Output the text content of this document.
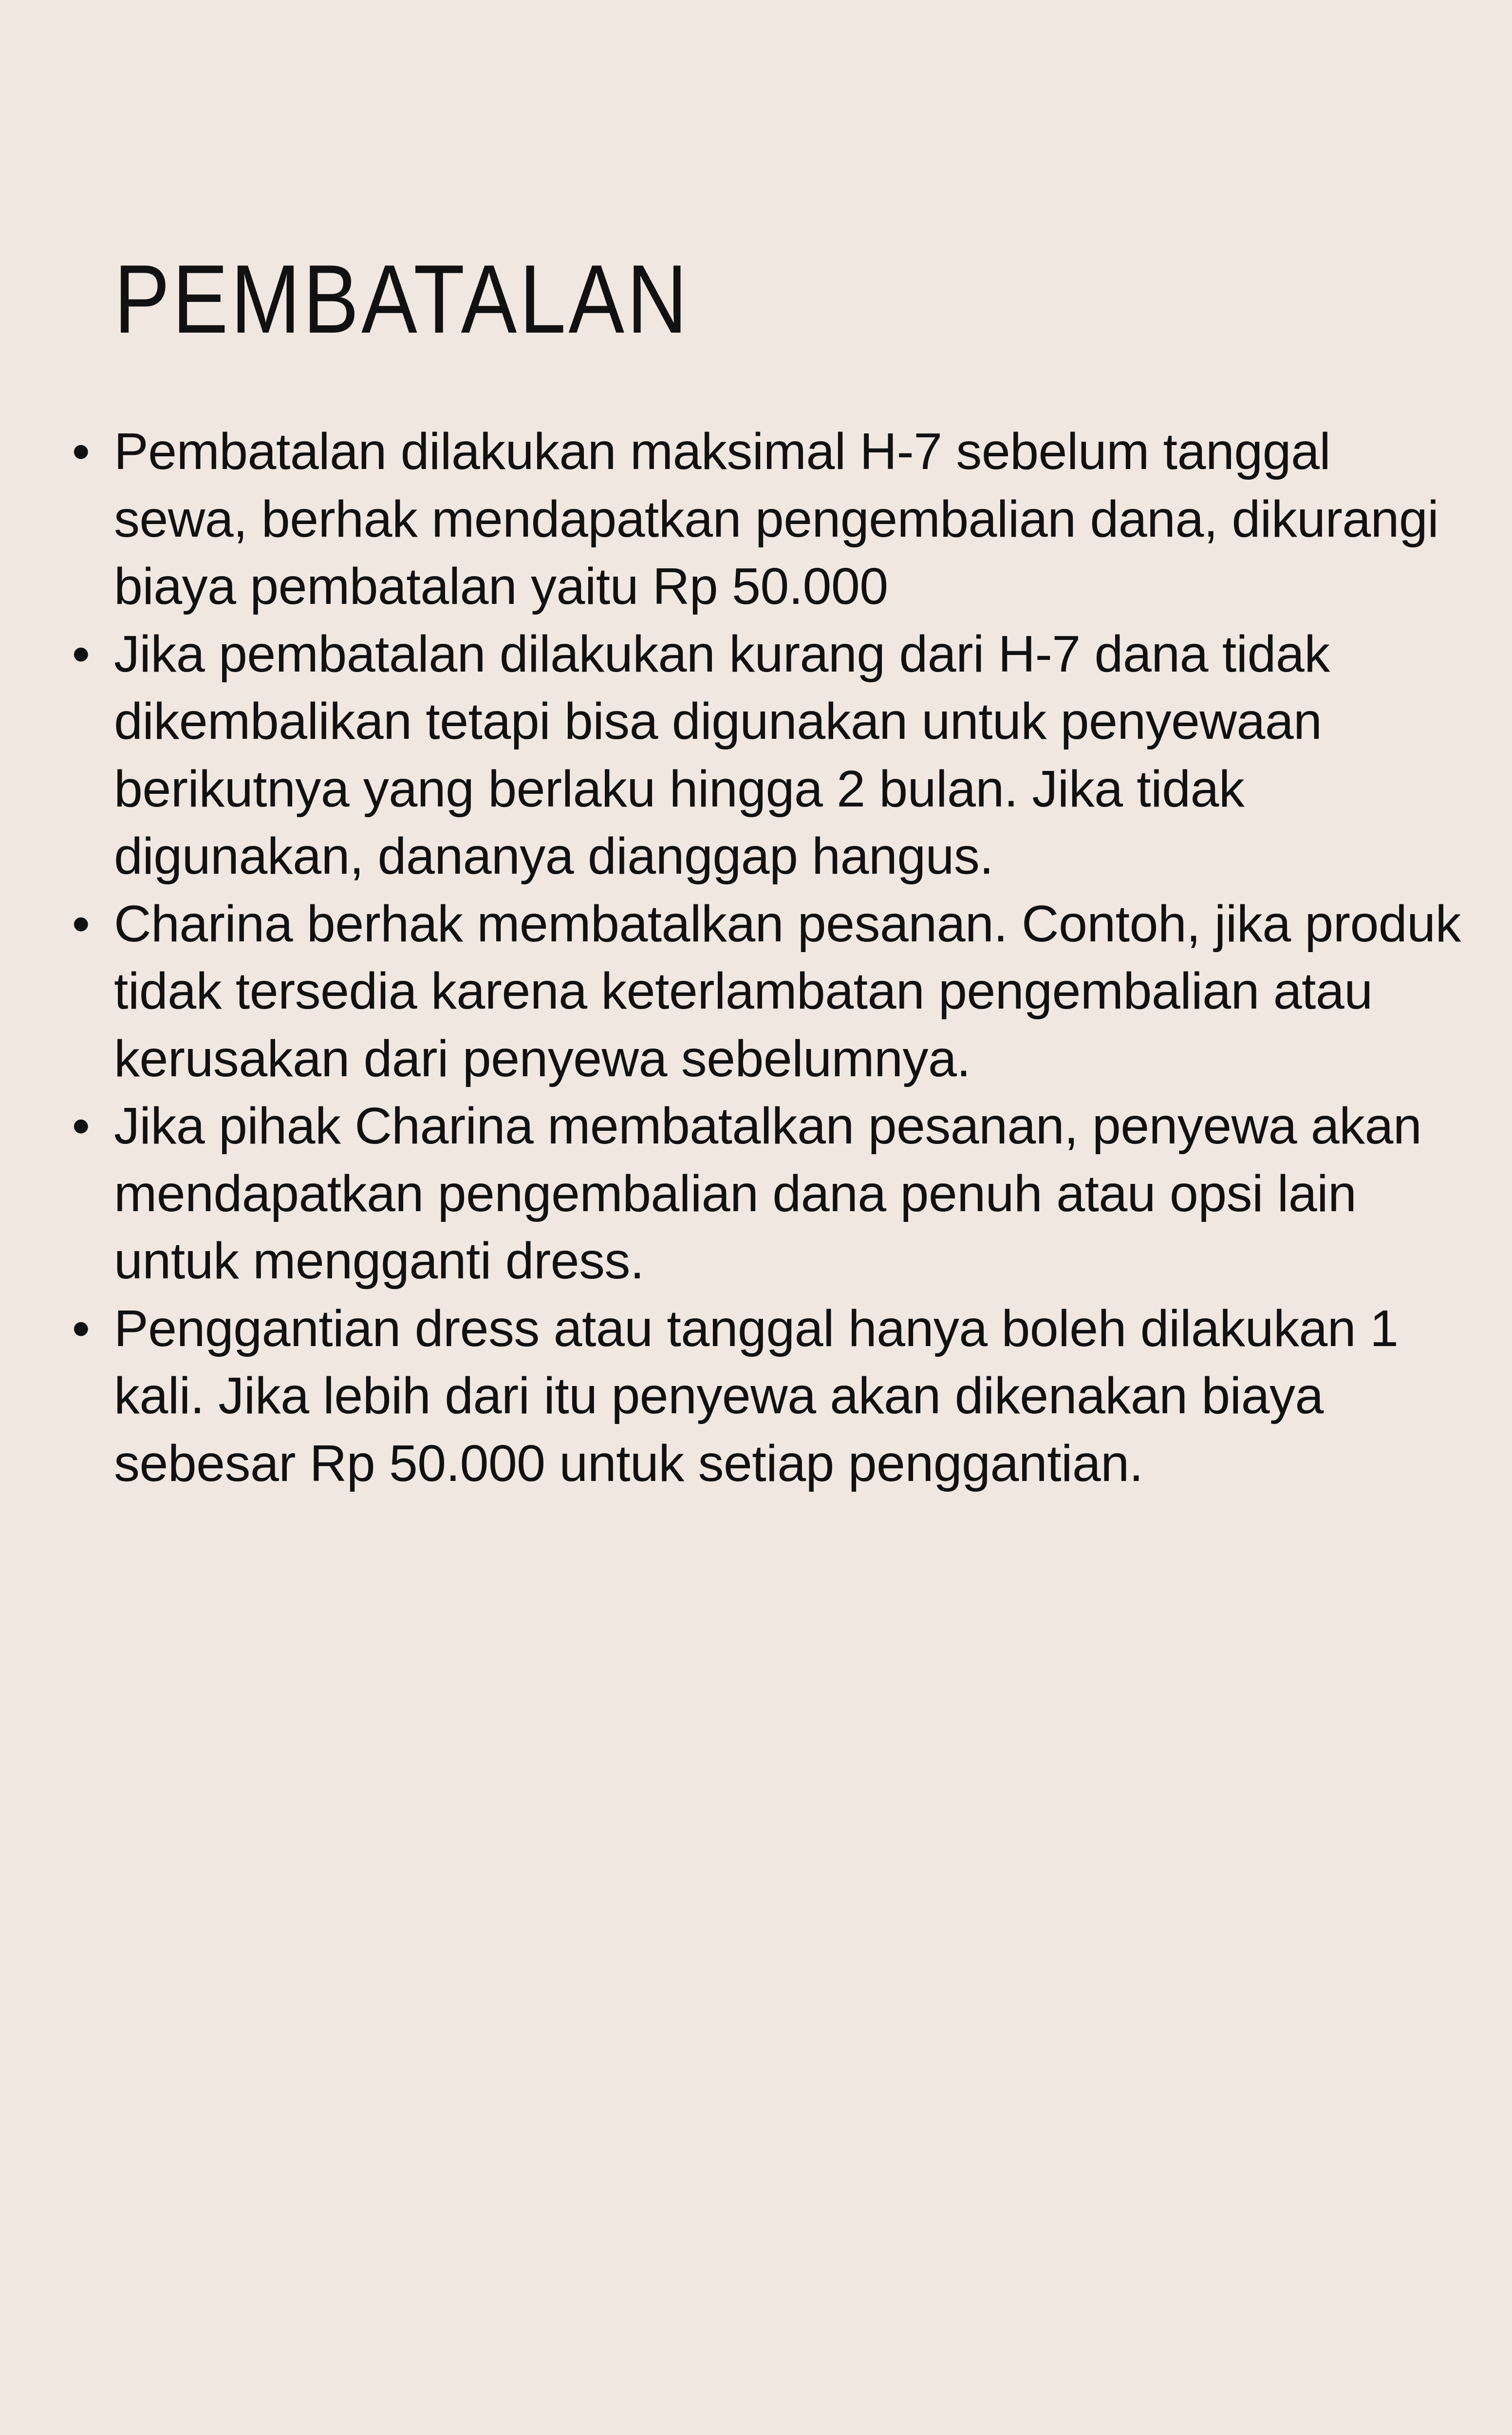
PEMBATALAN
• Pembatalan dilakukan maksimal H-7 sebelum tanggal
sewa, berhak mendapatkan pengembalian dana, dikurangi
biaya pembatalan yaitu Rp 50.000
• Jika pembatalan dilakukan kurang dari H-7 dana tidak
dikembalikan tetapi bisa digunakan untuk penyewaan
berikutnya yang berlaku hingga 2 bulan. Jika tidak
digunakan, dananya dianggap hangus.
• Charina berhak membatalkan pesanan. Contoh, jika produk
tidak tersedia karena keterlambatan pengembalian atau
kerusakan dari penyewa sebelumnya.
• Jika pihak Charina membatalkan pesanan, penyewa akan
mendapatkan pengembalian dana penuh atau opsi lain
untuk mengganti dress.
• Penggantian dress atau tanggal hanya boleh dilakukan 1
kali. Jika lebih dari itu penyewa akan dikenakan biaya
sebesar Rp 50.000 untuk setiap penggantian.
